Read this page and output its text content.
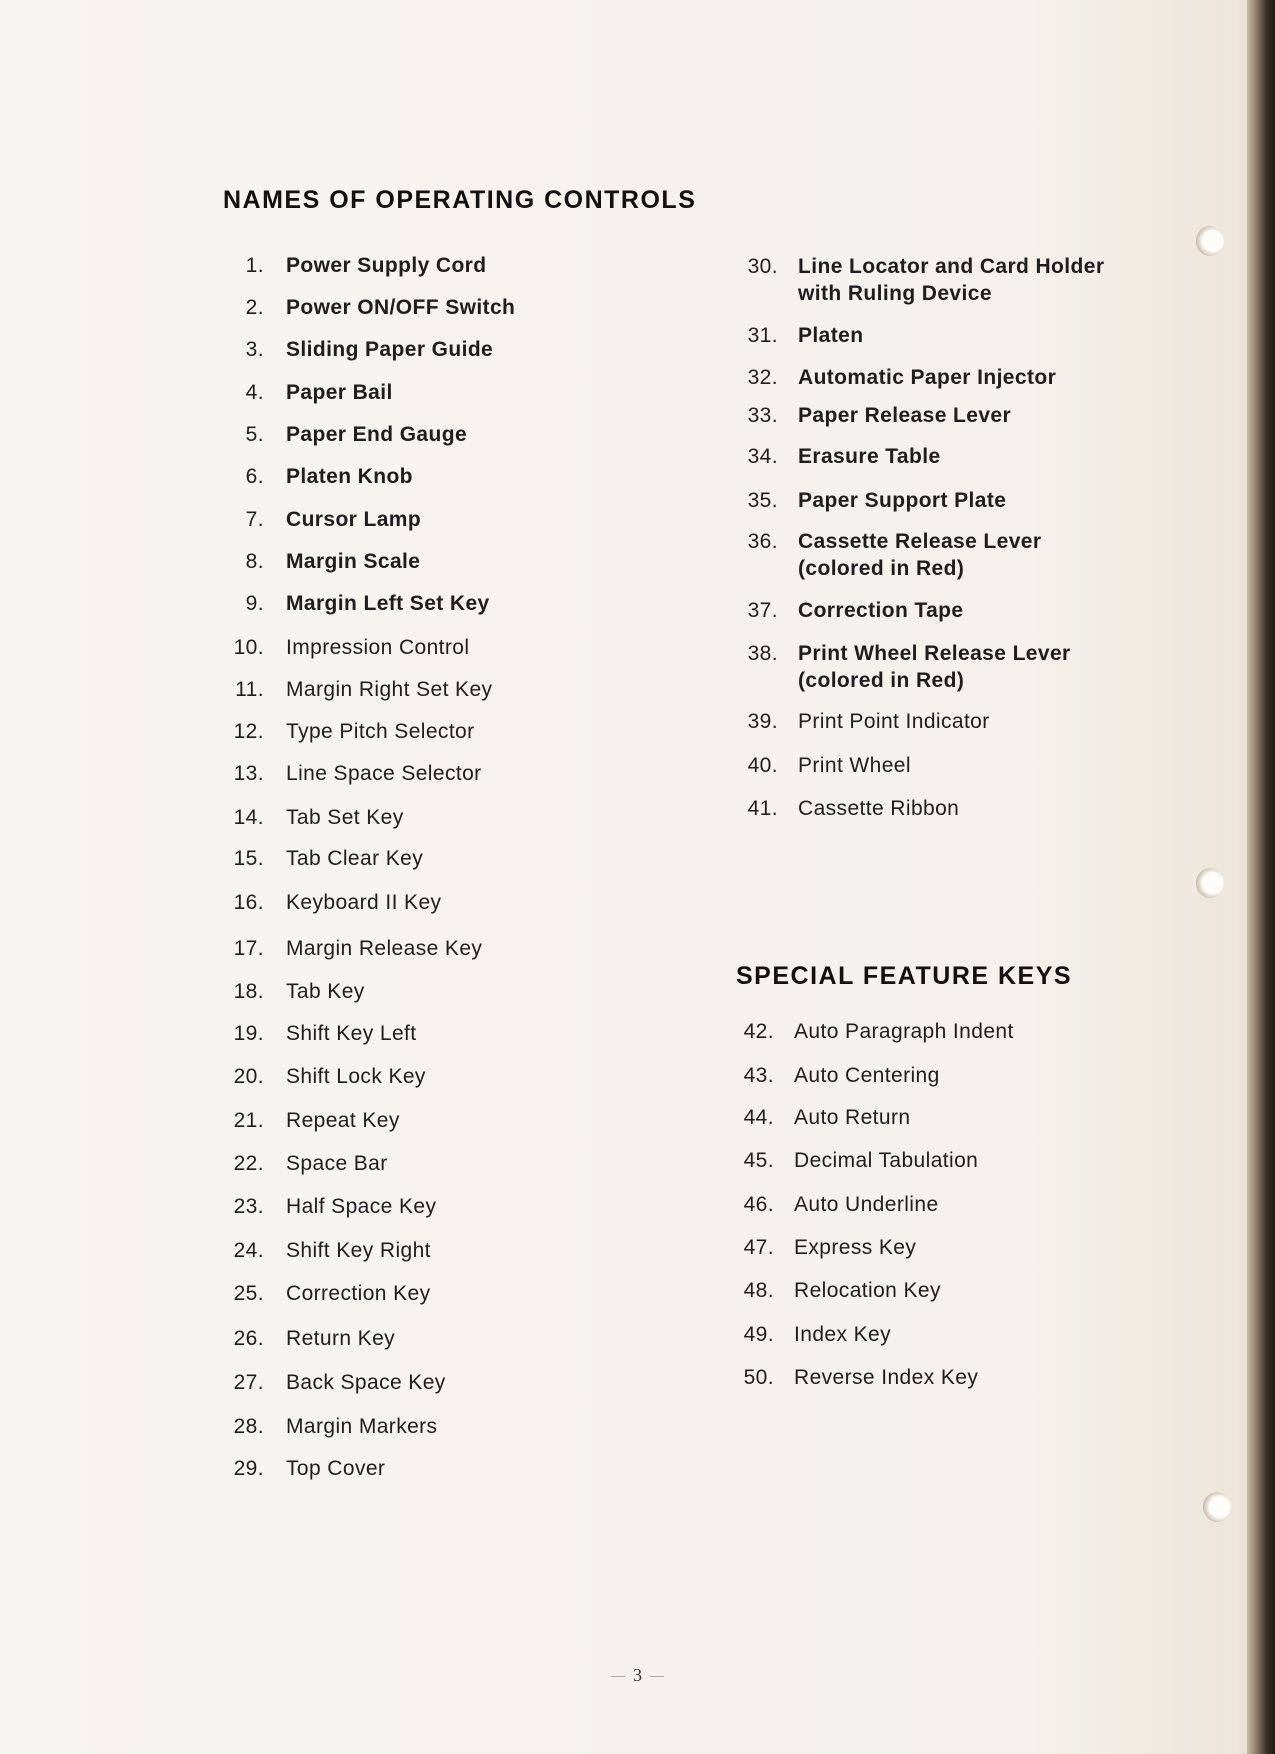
NAMES OF OPERATING CONTROLS
SPECIAL FEATURE KEYS
1. Power Supply Cord
2. Power ON/OFF Switch
3. Sliding Paper Guide
4. Paper Bail
5. Paper End Gauge
6. Platen Knob
7. Cursor Lamp
8. Margin Scale
9. Margin Left Set Key
10. Impression Control
11. Margin Right Set Key
12. Type Pitch Selector
13. Line Space Selector
14. Tab Set Key
15. Tab Clear Key
16. Keyboard II Key
17. Margin Release Key
18. Tab Key
19. Shift Key Left
20. Shift Lock Key
21. Repeat Key
22. Space Bar
23. Half Space Key
24. Shift Key Right
25. Correction Key
26. Return Key
27. Back Space Key
28. Margin Markers
29. Top Cover
30. Line Locator and Card Holder
with Ruling Device
31. Platen
32. Automatic Paper Injector
33. Paper Release Lever
34. Erasure Table
35. Paper Support Plate
36. Cassette Release Lever
(colored in Red)
37. Correction Tape
38. Print Wheel Release Lever
(colored in Red)
39. Print Point Indicator
40. Print Wheel
41. Cassette Ribbon
42. Auto Paragraph Indent
43. Auto Centering
44. Auto Return
45. Decimal Tabulation
46. Auto Underline
47. Express Key
48. Relocation Key
49. Index Key
50. Reverse Index Key
3
